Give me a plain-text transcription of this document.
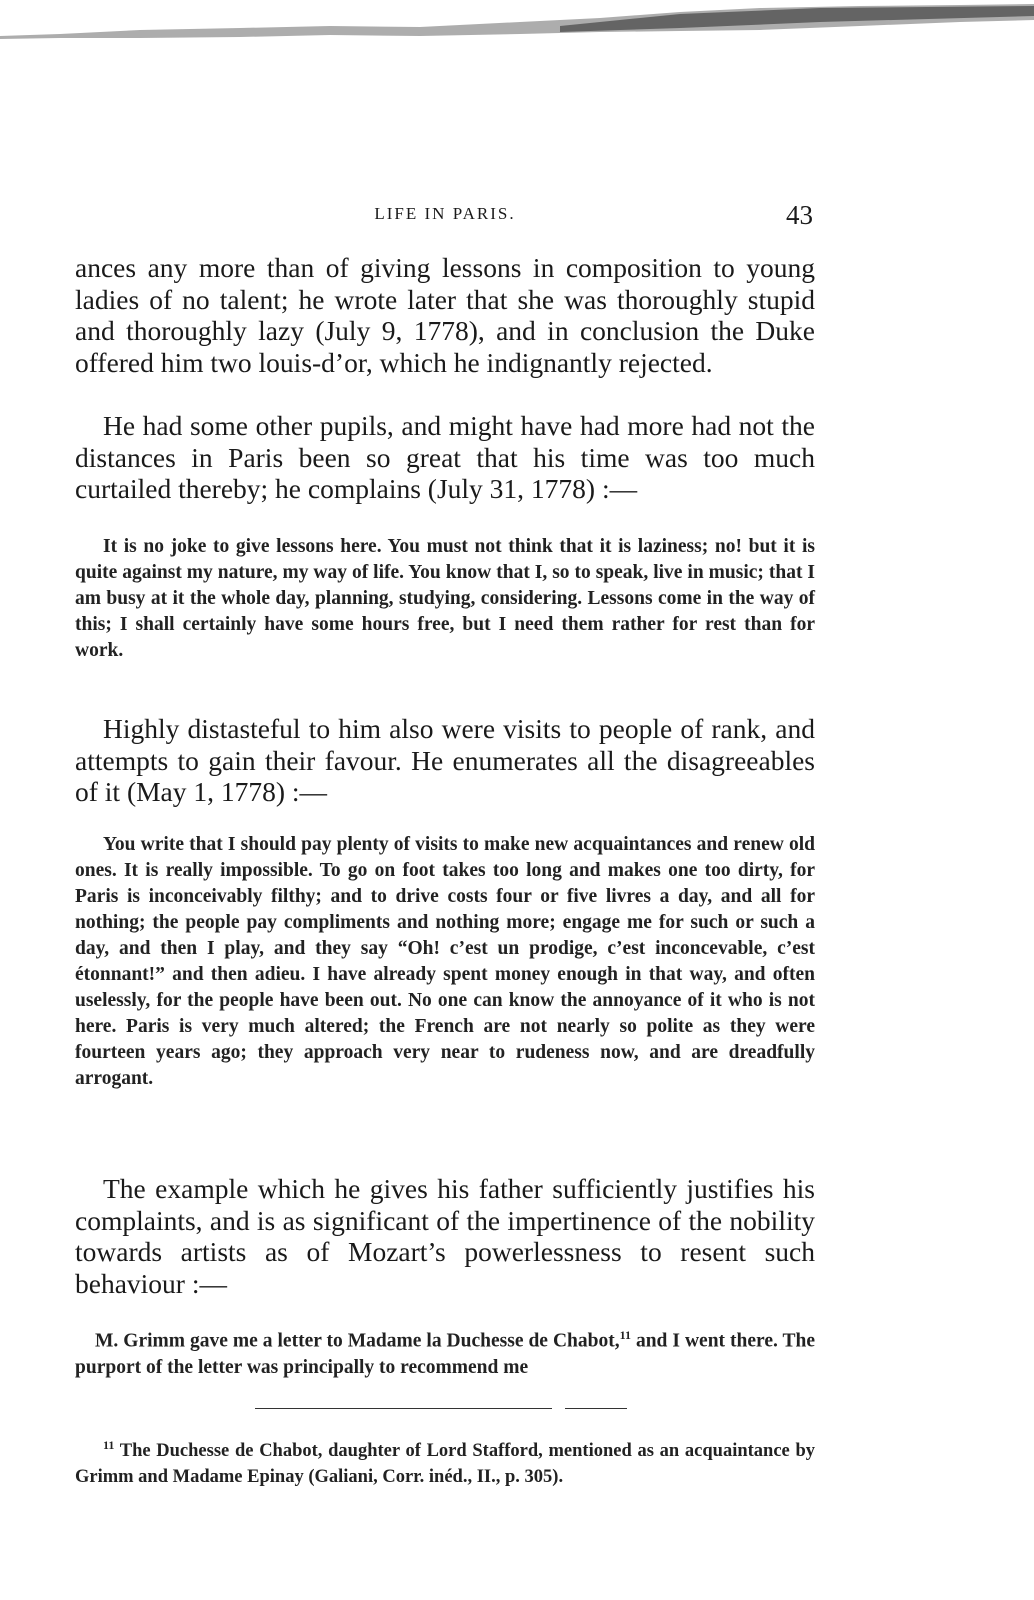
LIFE IN PARIS.	43

ances any more than of giving lessons in composition to young ladies of no talent; he wrote later that she was thoroughly stupid and thoroughly lazy (July 9, 1778), and in conclusion the Duke offered him two louis-d’or, which he indignantly rejected.

He had some other pupils, and might have had more had not the distances in Paris been so great that his time was too much curtailed thereby; he complains (July 31, 1778) :—

It is no joke to give lessons here. You must not think that it is laziness; no! but it is quite against my nature, my way of life. You know that I, so to speak, live in music; that I am busy at it the whole day, planning, studying, considering. Lessons come in the way of this; I shall certainly have some hours free, but I need them rather for rest than for work.

Highly distasteful to him also were visits to people of rank, and attempts to gain their favour. He enumerates all the disagreeables of it (May 1, 1778) :—

You write that I should pay plenty of visits to make new acquaintances and renew old ones. It is really impossible. To go on foot takes too long and makes one too dirty, for Paris is inconceivably filthy; and to drive costs four or five livres a day, and all for nothing; the people pay compliments and nothing more; engage me for such or such a day, and then I play, and they say “Oh! c’est un prodige, c’est inconcevable, c’est étonnant!” and then adieu. I have already spent money enough in that way, and often uselessly, for the people have been out. No one can know the annoyance of it who is not here. Paris is very much altered; the French are not nearly so polite as they were fourteen years ago; they approach very near to rudeness now, and are dreadfully arrogant.

The example which he gives his father sufficiently justifies his complaints, and is as significant of the impertinence of the nobility towards artists as of Mozart’s powerlessness to resent such behaviour :—

M. Grimm gave me a letter to Madame la Duchesse de Chabot,$^{11}$ and I went there. The purport of the letter was principally to recommend me

$^{11}$ The Duchesse de Chabot, daughter of Lord Stafford, mentioned as an acquaintance by Grimm and Madame Epinay (Galiani, Corr. inéd., II., p. 305).
